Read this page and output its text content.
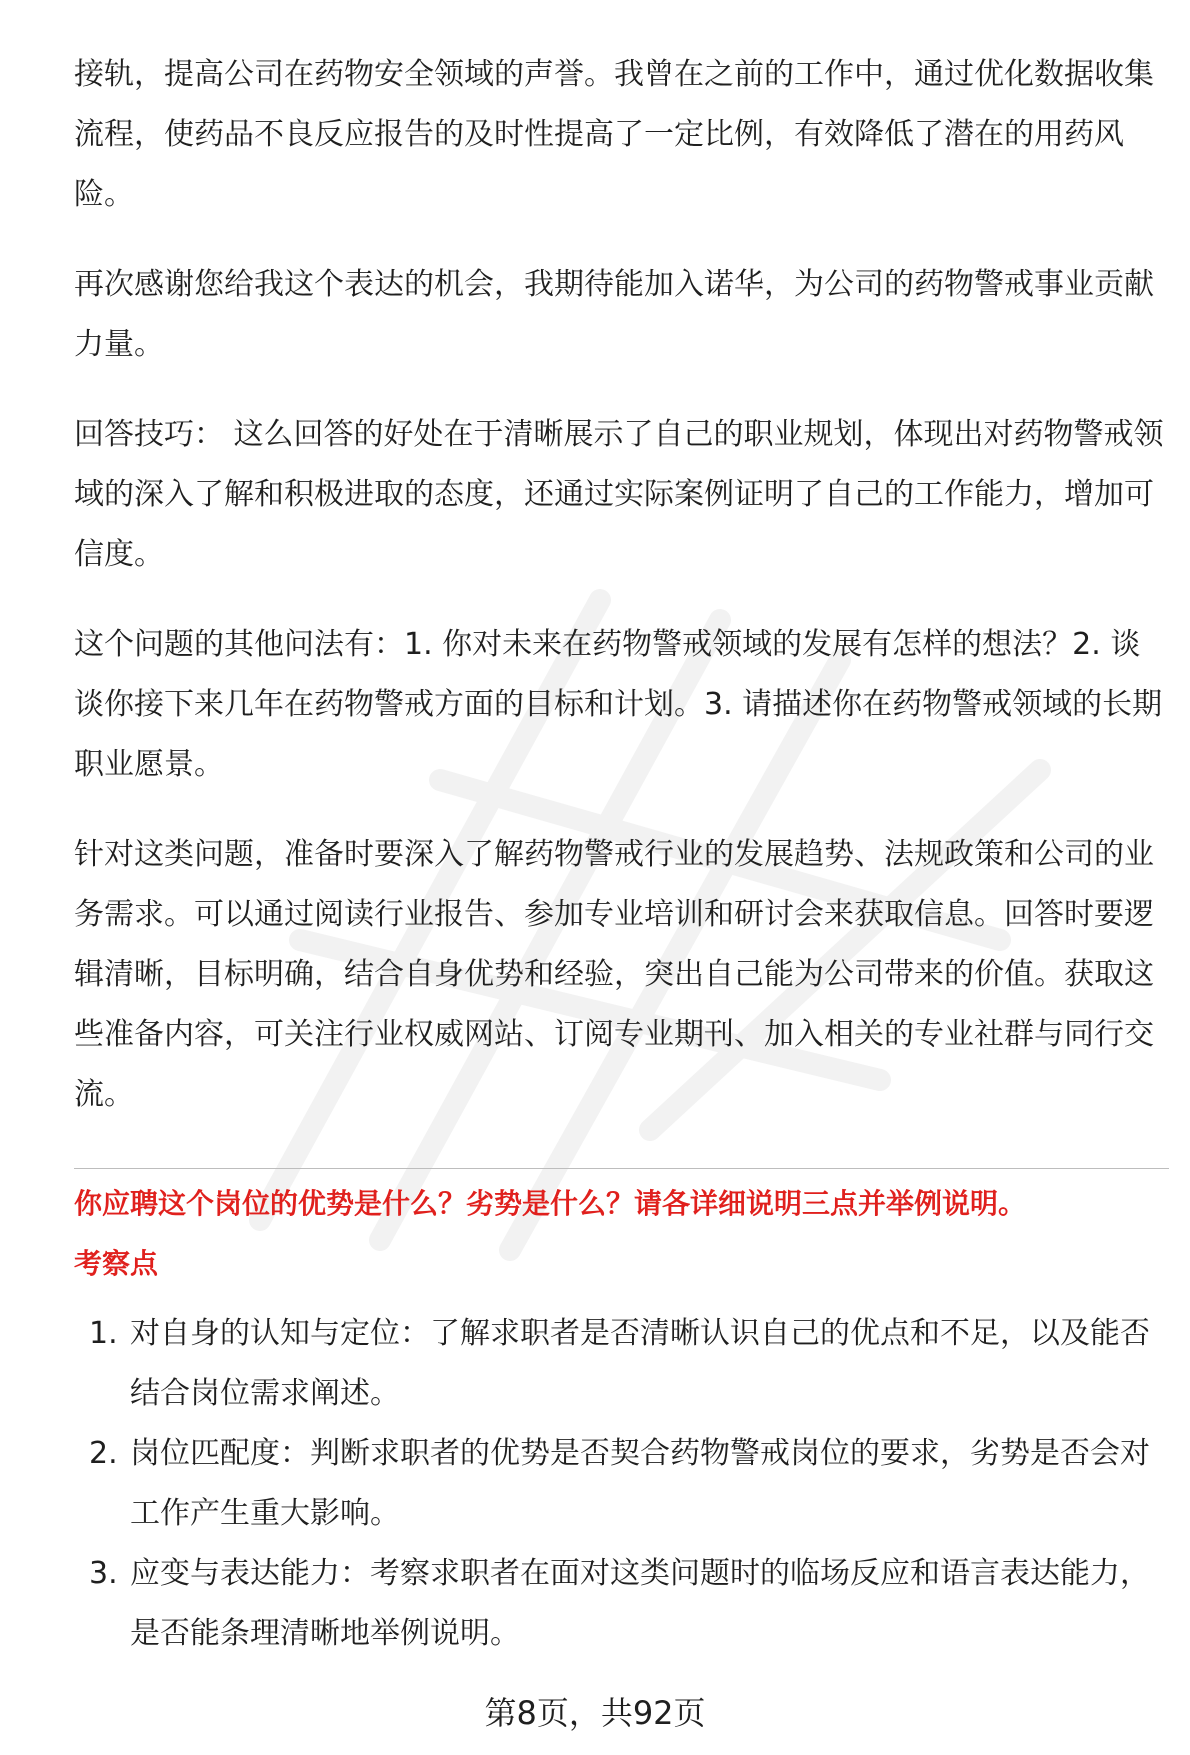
接轨，提高公司在药物安全领域的声誉。我曾在之前的工作中，通过优化数据收集流程，使药品不良反应报告的及时性提高了一定比例，有效降低了潜在的用药风险。

再次感谢您给我这个表达的机会，我期待能加入诺华，为公司的药物警戒事业贡献力量。

回答技巧： 这么回答的好处在于清晰展示了自己的职业规划，体现出对药物警戒领域的深入了解和积极进取的态度，还通过实际案例证明了自己的工作能力，增加可信度。

这个问题的其他问法有：1. 你对未来在药物警戒领域的发展有怎样的想法？2. 谈谈你接下来几年在药物警戒方面的目标和计划。3. 请描述你在药物警戒领域的长期职业愿景。

针对这类问题，准备时要深入了解药物警戒行业的发展趋势、法规政策和公司的业务需求。可以通过阅读行业报告、参加专业培训和研讨会来获取信息。回答时要逻辑清晰，目标明确，结合自身优势和经验，突出自己能为公司带来的价值。获取这些准备内容，可关注行业权威网站、订阅专业期刊、加入相关的专业社群与同行交流。

你应聘这个岗位的优势是什么？劣势是什么？请各详细说明三点并举例说明。
考察点
1. 对自身的认知与定位：了解求职者是否清晰认识自己的优点和不足，以及能否结合岗位需求阐述。
2. 岗位匹配度：判断求职者的优势是否契合药物警戒岗位的要求，劣势是否会对工作产生重大影响。
3. 应变与表达能力：考察求职者在面对这类问题时的临场反应和语言表达能力，是否能条理清晰地举例说明。
第8页，共92页
